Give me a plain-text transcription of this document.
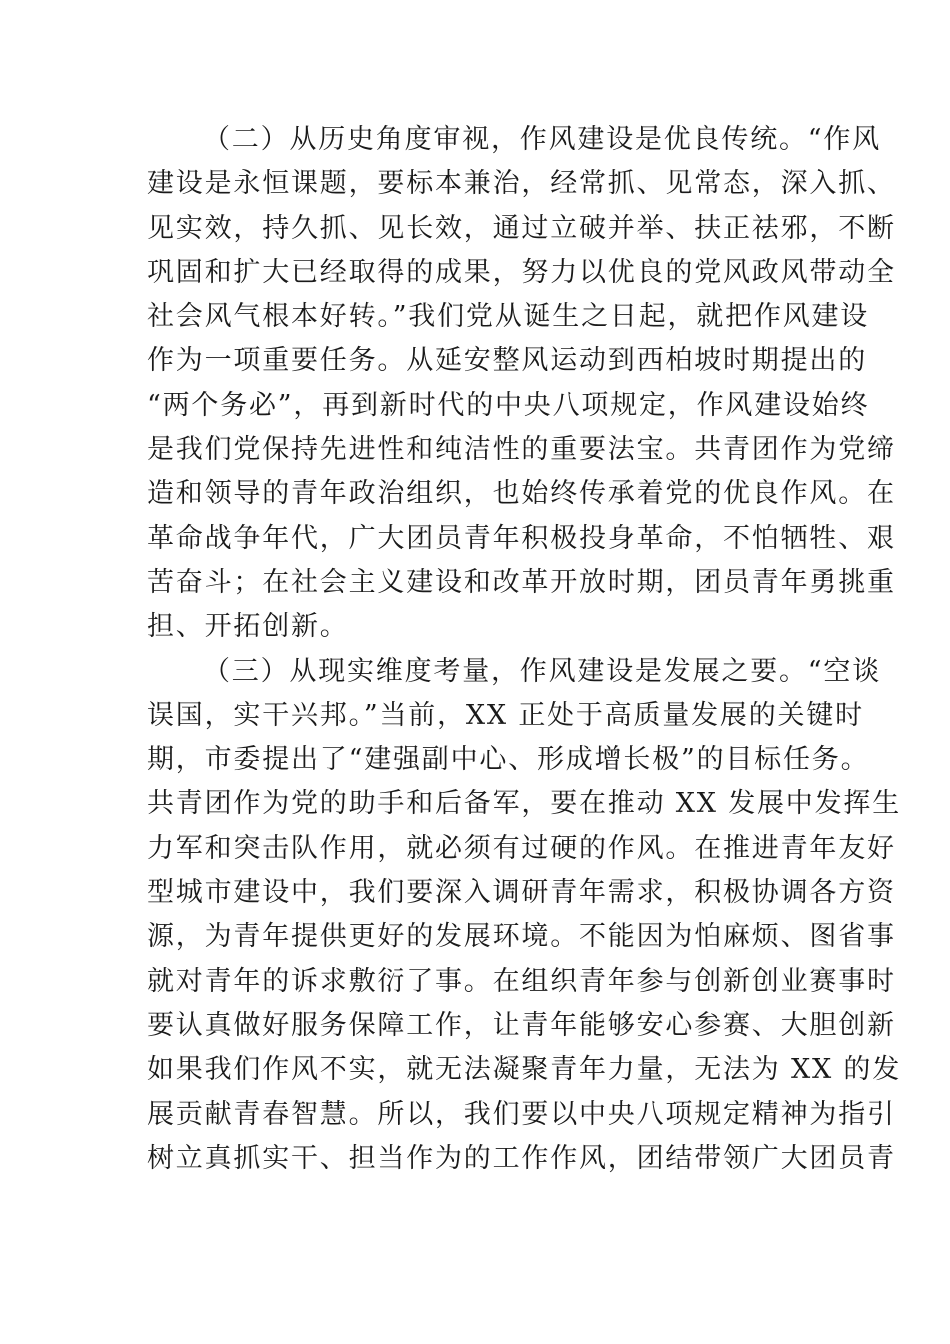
（二）从历史角度审视，作风建设是优良传统。“作风
建设是永恒课题，要标本兼治，经常抓、见常态，深入抓、
见实效，持久抓、见长效，通过立破并举、扶正祛邪，不断
巩固和扩大已经取得的成果，努力以优良的党风政风带动全
社会风气根本好转。”我们党从诞生之日起，就把作风建设
作为一项重要任务。从延安整风运动到西柏坡时期提出的
“两个务必”，再到新时代的中央八项规定，作风建设始终
是我们党保持先进性和纯洁性的重要法宝。共青团作为党缔
造和领导的青年政治组织，也始终传承着党的优良作风。在
革命战争年代，广大团员青年积极投身革命，不怕牺牲、艰
苦奋斗；在社会主义建设和改革开放时期，团员青年勇挑重
担、开拓创新。
（三）从现实维度考量，作风建设是发展之要。“空谈
误国，实干兴邦。”当前，XX 正处于高质量发展的关键时
期，市委提出了“建强副中心、形成增长极”的目标任务。
共青团作为党的助手和后备军，要在推动 XX 发展中发挥生
力军和突击队作用，就必须有过硬的作风。在推进青年友好
型城市建设中，我们要深入调研青年需求，积极协调各方资
源，为青年提供更好的发展环境。不能因为怕麻烦、图省事
就对青年的诉求敷衍了事。在组织青年参与创新创业赛事时
要认真做好服务保障工作，让青年能够安心参赛、大胆创新
如果我们作风不实，就无法凝聚青年力量，无法为 XX 的发
展贡献青春智慧。所以，我们要以中央八项规定精神为指引
树立真抓实干、担当作为的工作作风，团结带领广大团员青
